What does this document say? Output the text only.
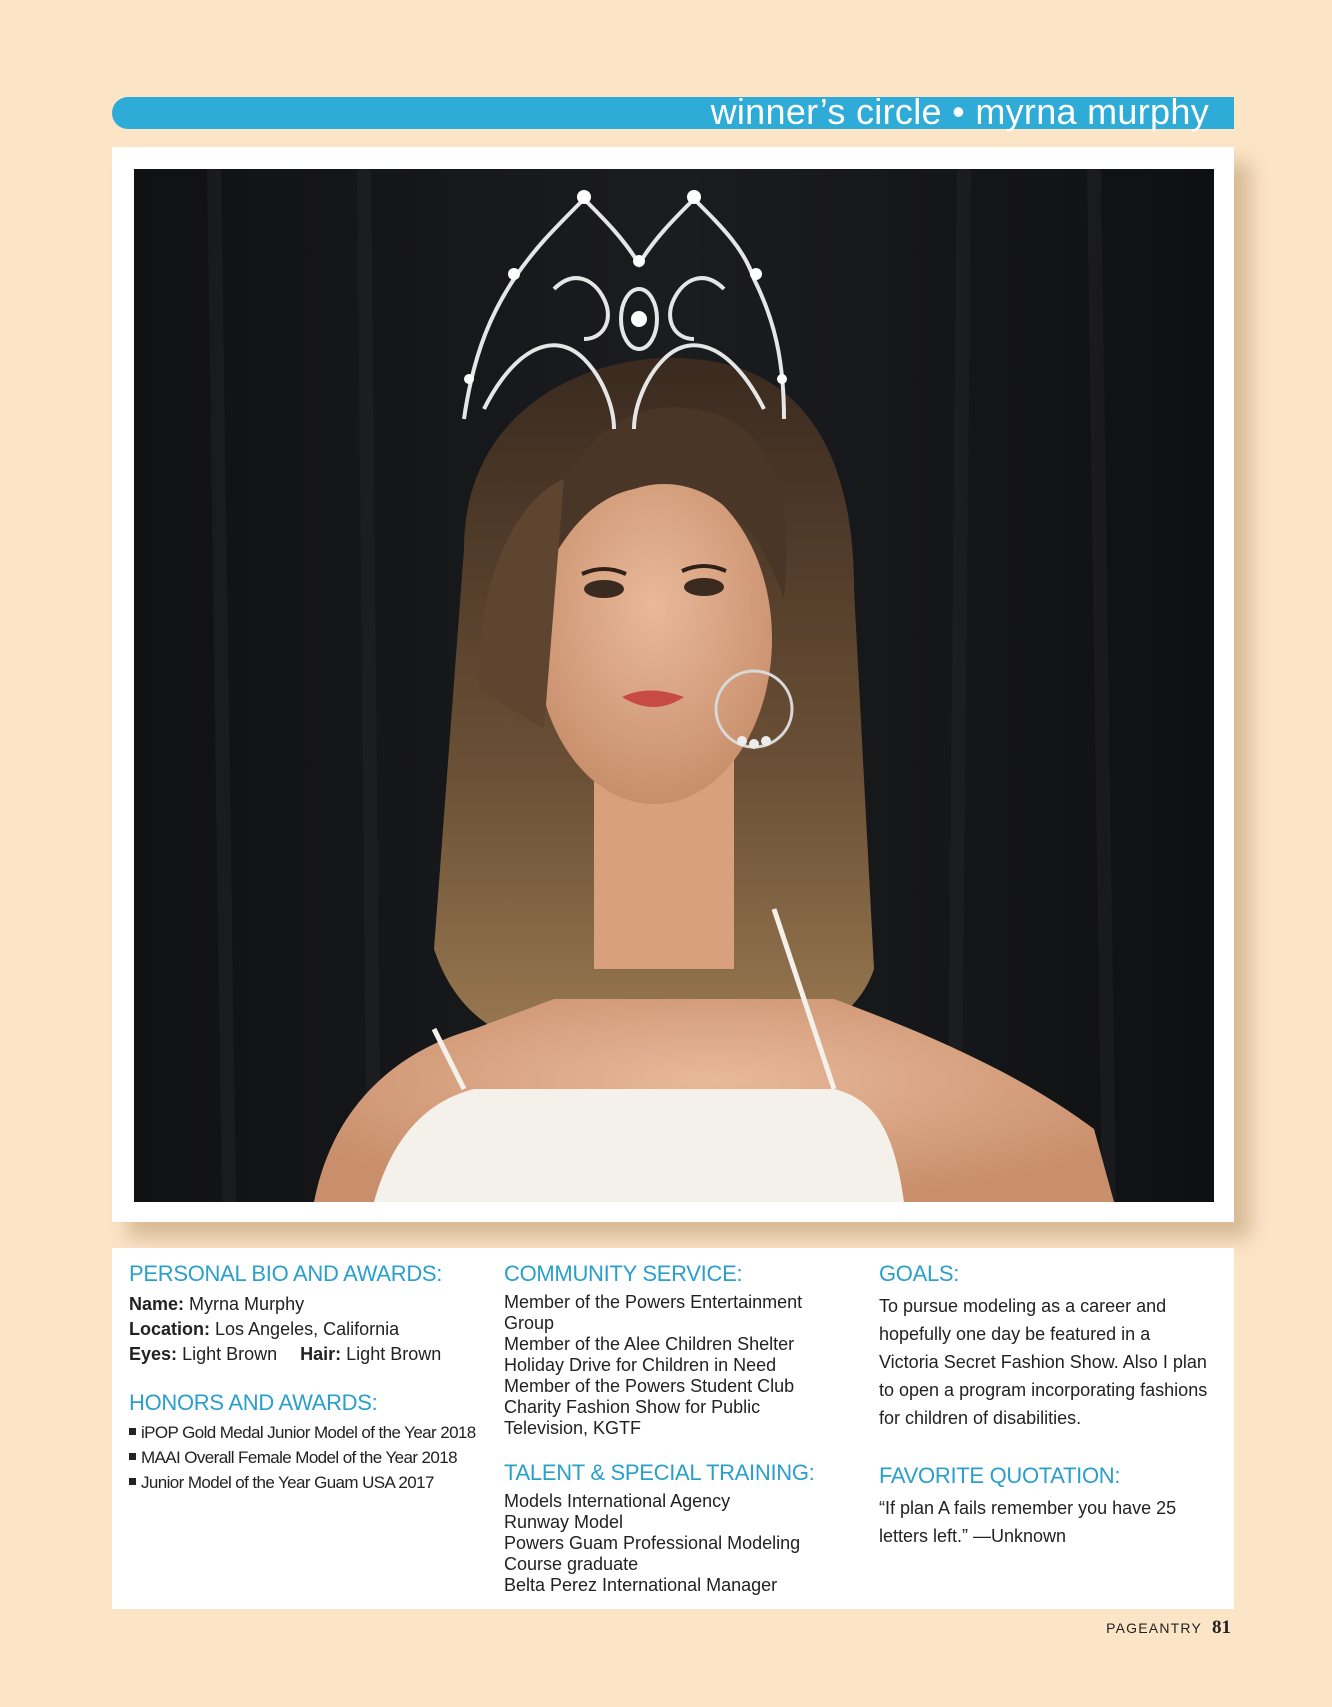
winner’s circle • myrna murphy
PERSONAL BIO AND AWARDS:
Name: Myrna Murphy
Location: Los Angeles, California
Eyes: Light Brown Hair: Light Brown
HONORS AND AWARDS:
iPOP Gold Medal Junior Model of the Year 2018
MAAI Overall Female Model of the Year 2018
Junior Model of the Year Guam USA 2017
COMMUNITY SERVICE:
Member of the Powers Entertainment
Group
Member of the Alee Children Shelter
Holiday Drive for Children in Need
Member of the Powers Student Club
Charity Fashion Show for Public
Television, KGTF
TALENT & SPECIAL TRAINING:
Models International Agency
Runway Model
Powers Guam Professional Modeling
Course graduate
Belta Perez International Manager
GOALS:
To pursue modeling as a career and hopefully one day be featured in a Victoria Secret Fashion Show. Also I plan to open a program incorporating fashions for children of disabilities.
FAVORITE QUOTATION:
“If plan A fails remember you have 25 letters left.” —Unknown
PAGEANTRY 81
